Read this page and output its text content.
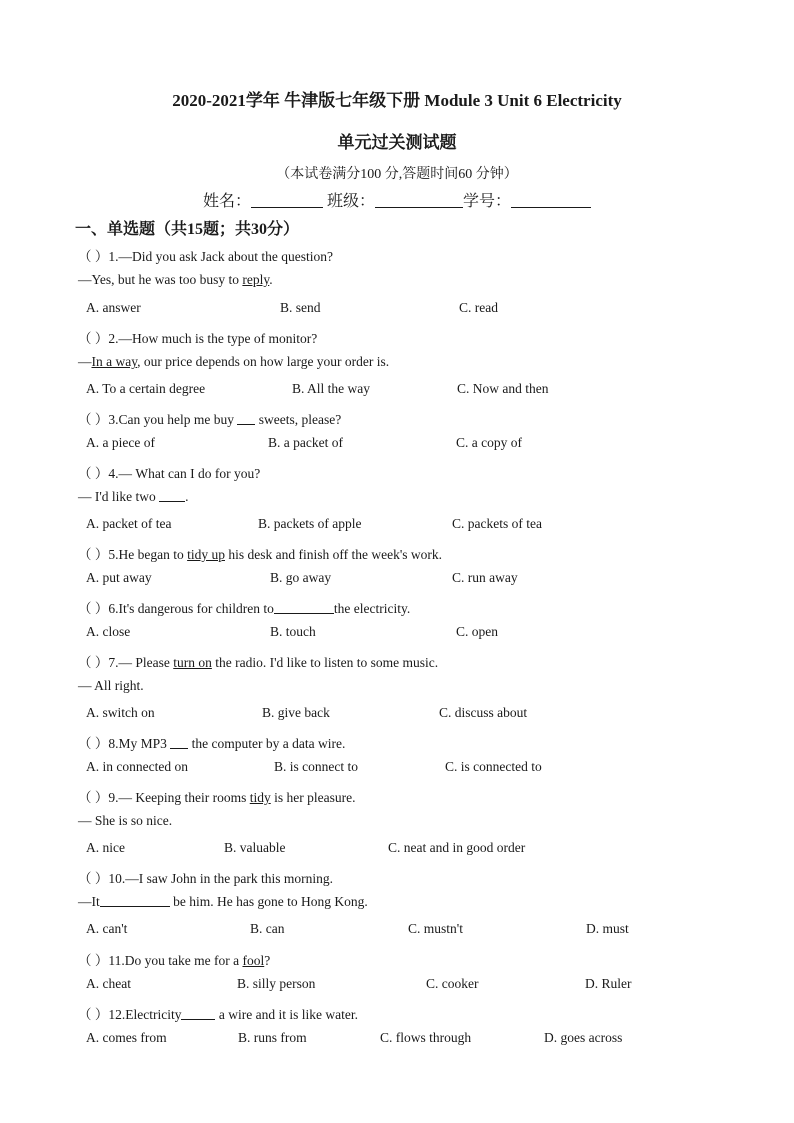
2020-2021学年 牛津版七年级下册 Module 3 Unit 6 Electricity
单元过关测试题
（本试卷满分100 分,答题时间60 分钟）
姓名：	班级：	学号：
一、单选题（共15题；共30分）
（ ）1.—Did you ask Jack about the question?
—Yes, but he was too busy to reply.
A. answer	B. send	C. read
（ ）2.—How much is the type of monitor?
—In a way, our price depends on how large your order is.
A. To a certain degree	B. All the way	C. Now and then
（ ）3.Can you help me buy  sweets, please?
A. a piece of	B. a packet of	C. a copy of
（ ）4.— What can I do for you?
— I'd like two .
A. packet of tea	B. packets of apple	C. packets of tea
（ ）5.He began to tidy up his desk and finish off the week's work.
A. put away	B. go away	C. run away
（ ）6.It's dangerous for children to	the electricity.
A. close	B. touch	C. open
（ ）7.— Please turn on the radio. I'd like to listen to some music.
— All right.
A. switch on	B. give back	C. discuss about
（ ）8.My MP3  the computer by a data wire.
A. in connected on	B. is connect to	C. is connected to
（ ）9.— Keeping their rooms tidy is her pleasure.
— She is so nice.
A. nice	B. valuable	C. neat and in good order
（ ）10.—I saw John in the park this morning.
—It	be him. He has gone to Hong Kong.
A. can't	B. can	C. mustn't	D. must
（ ）11.Do you take me for a fool?
A. cheat	B. silly person	C. cooker	D. Ruler
（ ）12.Electricity	a wire and it is like water.
A. comes from	B. runs from	C. flows through	D. goes across
